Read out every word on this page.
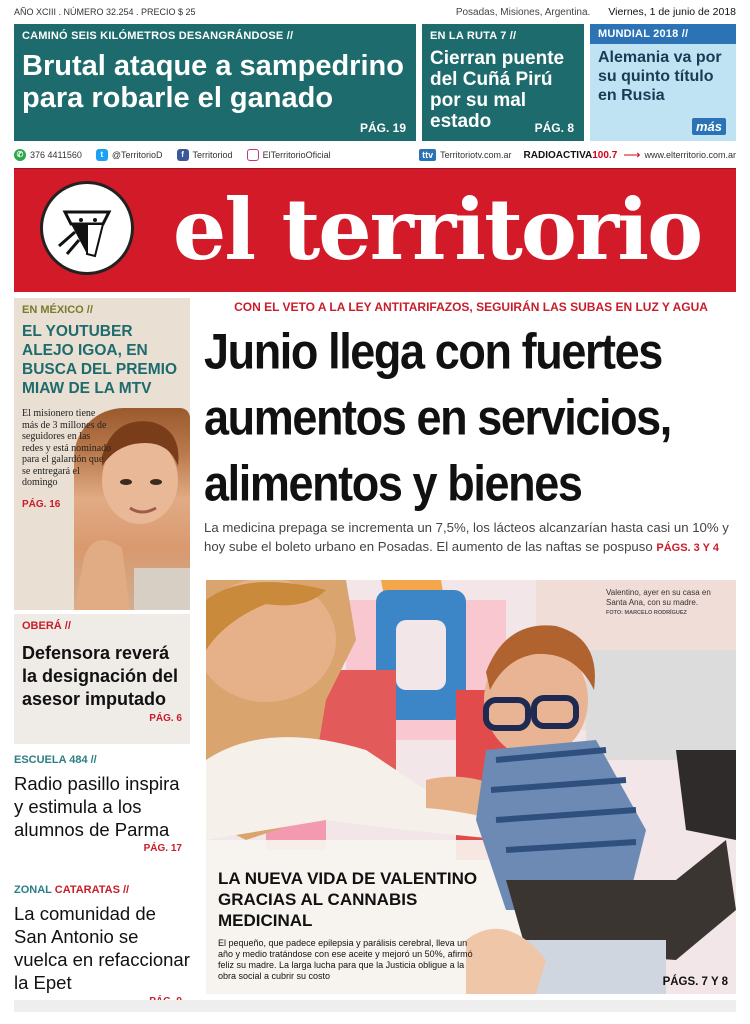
AÑO XCIII . NÚMERO 32.254 . PRECIO $ 25	Posadas, Misiones, Argentina. Viernes, 1 de junio de 2018
CAMINÓ SEIS KILÓMETROS DESANGRÁNDOSE //
Brutal ataque a sampedrino para robarle el ganado
PÁG. 19
EN LA RUTA 7 //
Cierran puente del Cuñá Pirú por su mal estado	PÁG. 8
MUNDIAL 2018 //
Alemania va por su quinto título en Rusia
más
✆ 376 4411560	t @TerritorioD	f Territoriod	ElTerritorioOficial	ttv Territoriotv.com.ar RADIOACTIVA100.7 ⟶ www.elterritorio.com.ar
el territorio
EN MÉXICO //
EL YOUTUBER ALEJO IGOA, EN BUSCA DEL PREMIO MIAW DE LA MTV
El misionero tiene más de 3 millones de seguidores en las redes y está nominado para el galardón que se entregará el domingo
PÁG. 16
OBERÁ //
Defensora reverá la designación del asesor imputado
PÁG. 6
ESCUELA 484 //
Radio pasillo inspira y estimula a los alumnos de Parma
PÁG. 17
ZONAL CATARATAS //
La comunidad de San Antonio se vuelca en refaccionar la Epet
CON EL VETO A LA LEY ANTITARIFAZOS, SEGUIRÁN LAS SUBAS EN LUZ Y AGUA
Junio llega con fuertes aumentos en servicios, alimentos y bienes
La medicina prepaga se incrementa un 7,5%, los lácteos alcanzarían hasta casi un 10% y hoy sube el boleto urbano en Posadas. El aumento de las naftas se pospuso PÁGS. 3 Y 4
Valentino, ayer en su casa en Santa Ana, con su madre.
FOTO: MARCELO RODRÍGUEZ
LA NUEVA VIDA DE VALENTINO GRACIAS AL CANNABIS MEDICINAL
El pequeño, que padece epilepsia y parálisis cerebral, lleva un año y medio tratándose con ese aceite y mejoró un 50%, afirmó feliz su madre. La larga lucha para que la Justicia obligue a la obra social a cubrir su costo	PÁGS. 7 Y 8
